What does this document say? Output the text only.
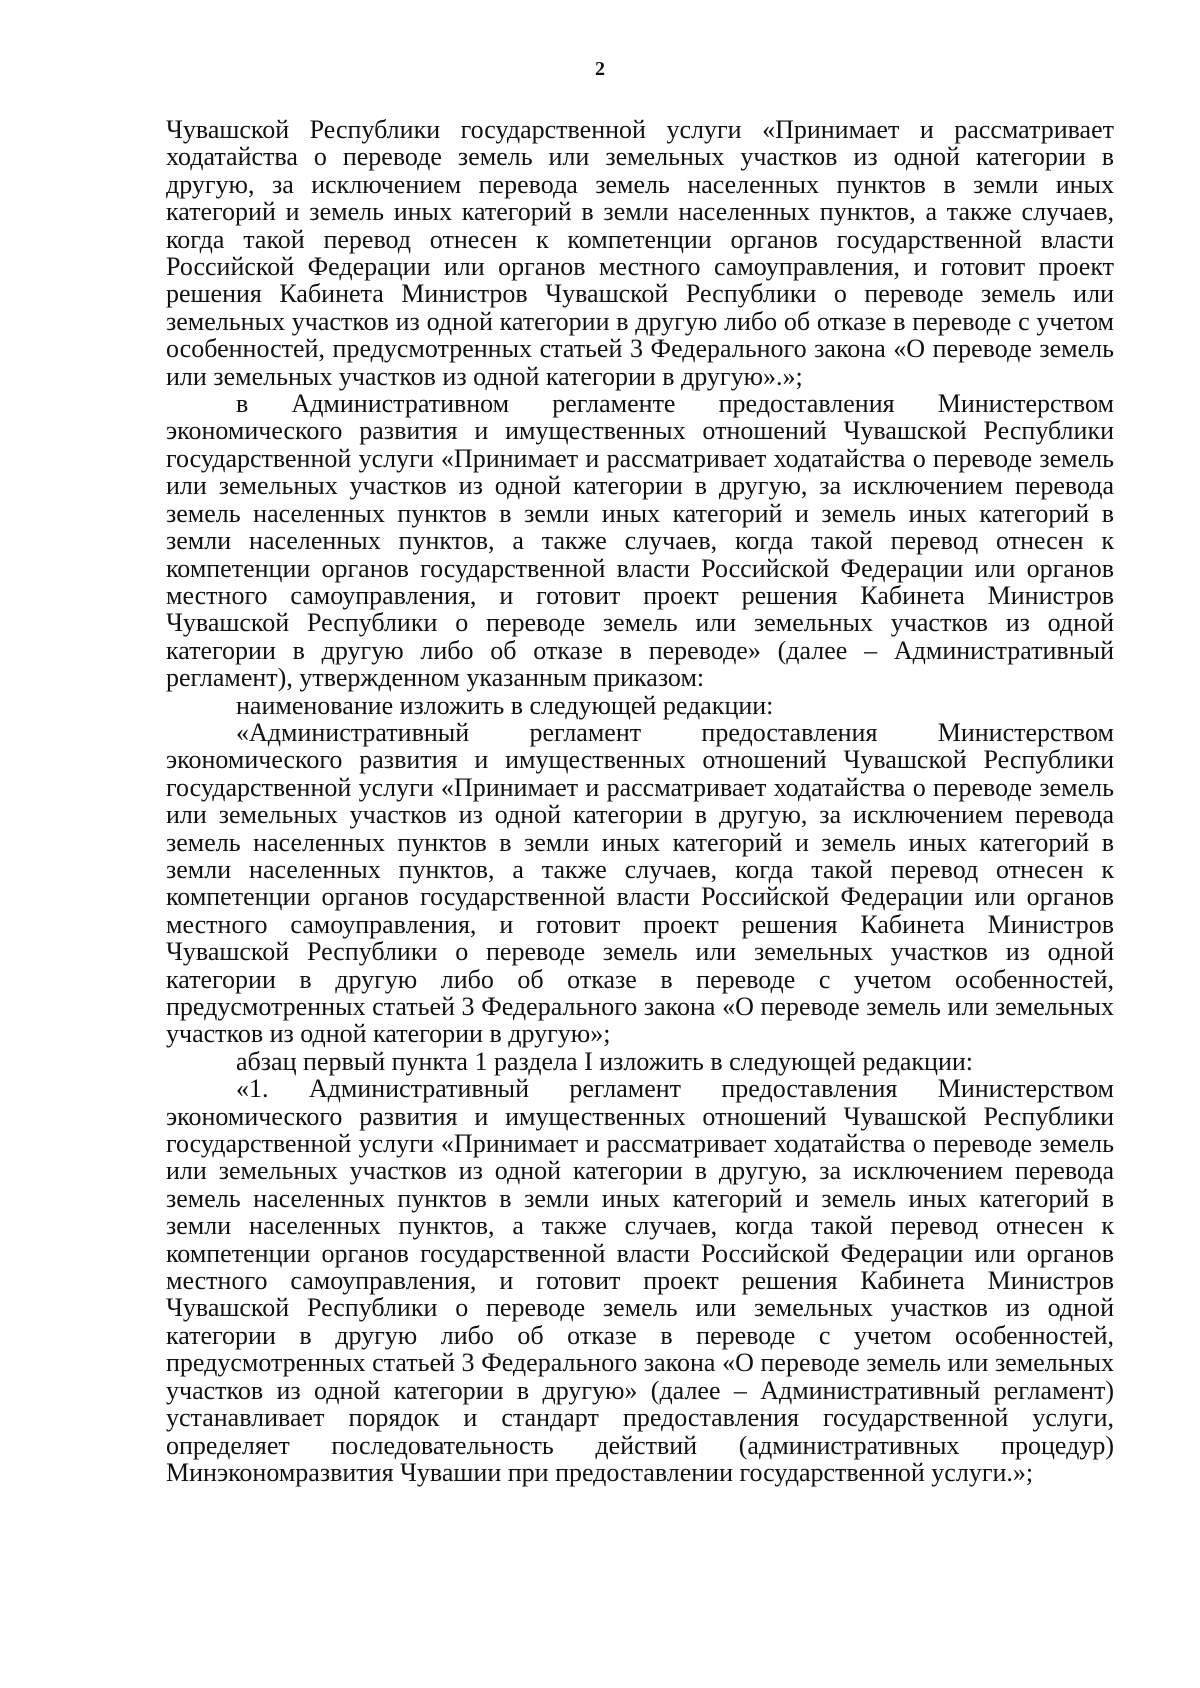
2

Чувашской Республики государственной услуги «Принимает и рассматривает ходатайства о переводе земель или земельных участков из одной категории в другую, за исключением перевода земель населенных пунктов в земли иных категорий и земель иных категорий в земли населенных пунктов, а также случаев, когда такой перевод отнесен к компетенции органов государственной власти Российской Федерации или органов местного самоуправления, и готовит проект решения Кабинета Министров Чувашской Республики о переводе земель или земельных участков из одной категории в другую либо об отказе в переводе с учетом особенностей, предусмотренных статьей 3 Федерального закона «О переводе земель или земельных участков из одной категории в другую».»;

в Административном регламенте предоставления Министерством экономического развития и имущественных отношений Чувашской Республики государственной услуги «Принимает и рассматривает ходатайства о переводе земель или земельных участков из одной категории в другую, за исключением перевода земель населенных пунктов в земли иных категорий и земель иных категорий в земли населенных пунктов, а также случаев, когда такой перевод отнесен к компетенции органов государственной власти Российской Федерации или органов местного самоуправления, и готовит проект решения Кабинета Министров Чувашской Республики о переводе земель или земельных участков из одной категории в другую либо об отказе в переводе» (далее – Административный регламент), утвержденном указанным приказом:

наименование изложить в следующей редакции:

«Административный регламент предоставления Министерством экономического развития и имущественных отношений Чувашской Республики государственной услуги «Принимает и рассматривает ходатайства о переводе земель или земельных участков из одной категории в другую, за исключением перевода земель населенных пунктов в земли иных категорий и земель иных категорий в земли населенных пунктов, а также случаев, когда такой перевод отнесен к компетенции органов государственной власти Российской Федерации или органов местного самоуправления, и готовит проект решения Кабинета Министров Чувашской Республики о переводе земель или земельных участков из одной категории в другую либо об отказе в переводе с учетом особенностей, предусмотренных статьей 3 Федерального закона «О переводе земель или земельных участков из одной категории в другую»;

абзац первый пункта 1 раздела I изложить в следующей редакции:

«1. Административный регламент предоставления Министерством экономического развития и имущественных отношений Чувашской Республики государственной услуги «Принимает и рассматривает ходатайства о переводе земель или земельных участков из одной категории в другую, за исключением перевода земель населенных пунктов в земли иных категорий и земель иных категорий в земли населенных пунктов, а также случаев, когда такой перевод отнесен к компетенции органов государственной власти Российской Федерации или органов местного самоуправления, и готовит проект решения Кабинета Министров Чувашской Республики о переводе земель или земельных участков из одной категории в другую либо об отказе в переводе с учетом особенностей, предусмотренных статьей 3 Федерального закона «О переводе земель или земельных участков из одной категории в другую» (далее – Административный регламент) устанавливает порядок и стандарт предоставления государственной услуги, определяет последовательность действий (административных процедур) Минэкономразвития Чувашии при предоставлении государственной услуги.»;
